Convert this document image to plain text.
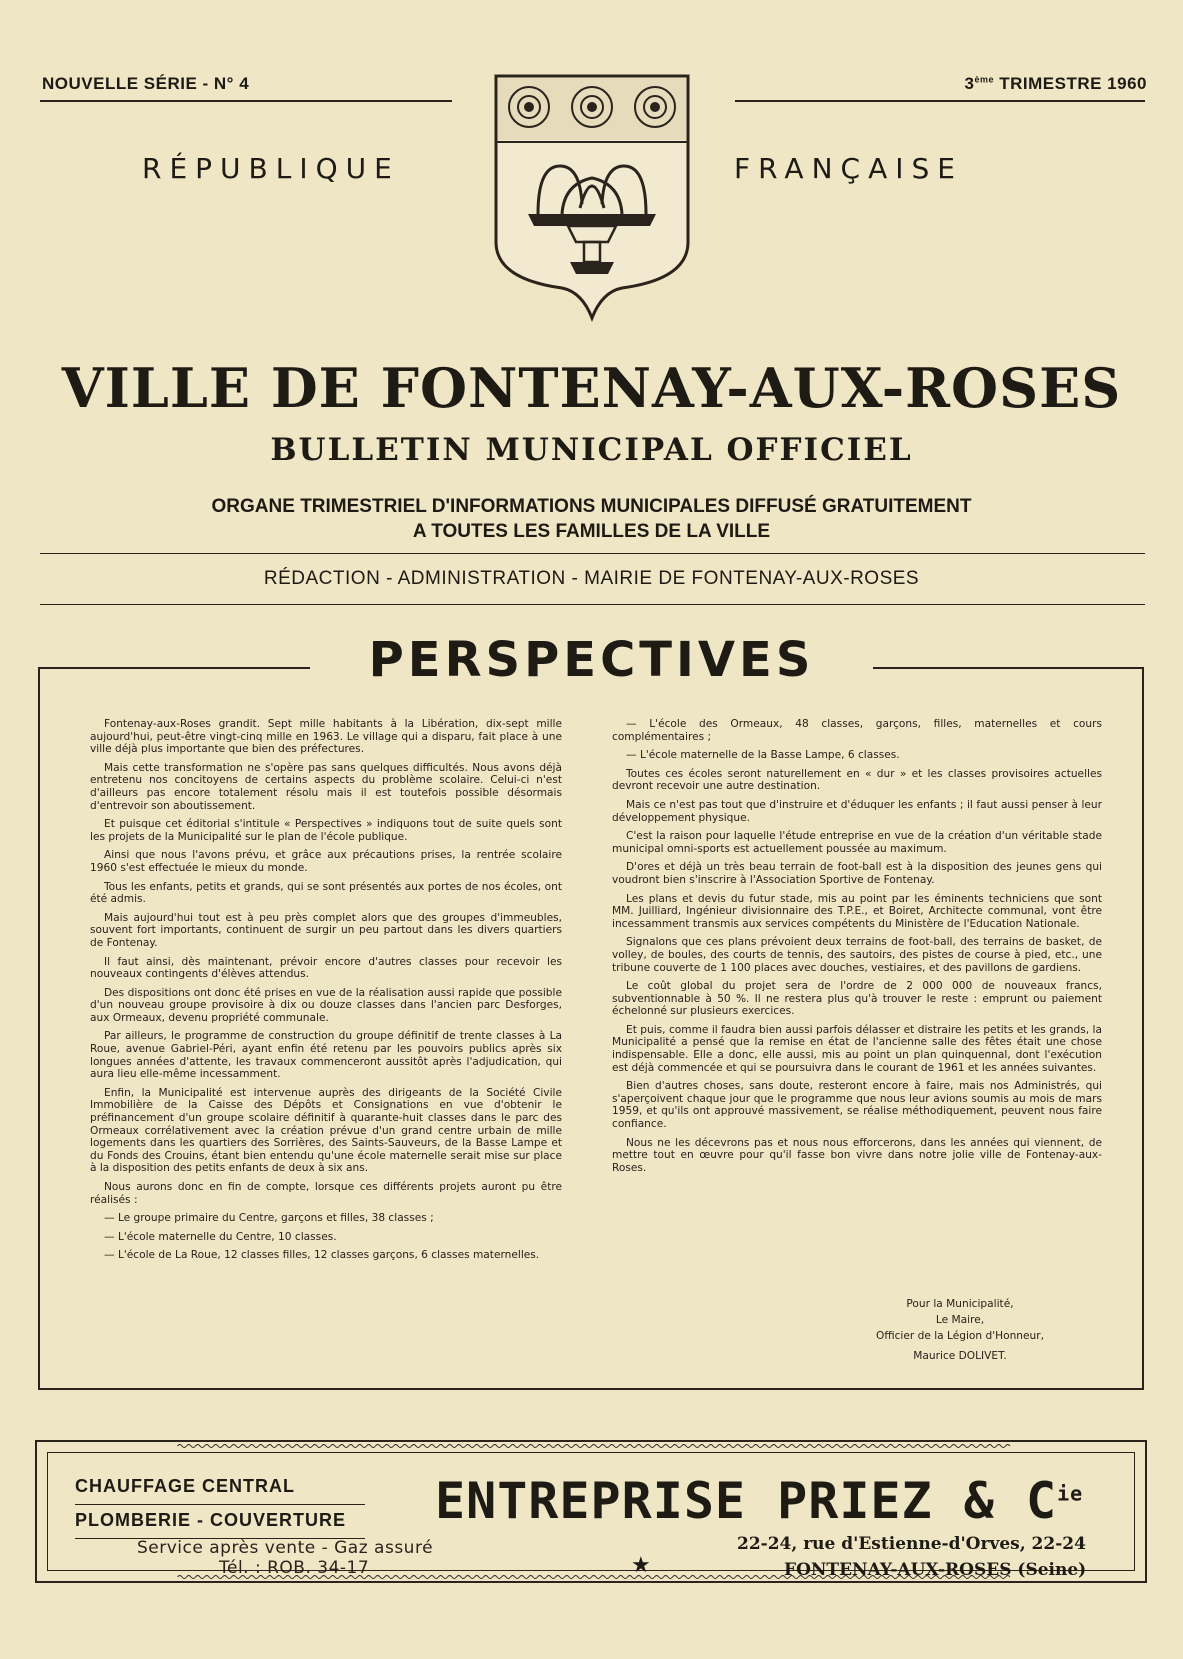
NOUVELLE SÉRIE - N° 4	3ème TRIMESTRE 1960
RÉPUBLIQUE	FRANÇAISE
VILLE DE FONTENAY-AUX-ROSES
BULLETIN MUNICIPAL OFFICIEL
ORGANE TRIMESTRIEL D'INFORMATIONS MUNICIPALES DIFFUSÉ GRATUITEMENT
A TOUTES LES FAMILLES DE LA VILLE
RÉDACTION - ADMINISTRATION - MAIRIE DE FONTENAY-AUX-ROSES
PERSPECTIVES

Fontenay-aux-Roses grandit. Sept mille habitants à la Libération, dix-sept mille aujourd'hui, peut-être vingt-cinq mille en 1963. Le village qui a disparu, fait place à une ville déjà plus importante que bien des préfectures.

Mais cette transformation ne s'opère pas sans quelques difficultés. Nous avons déjà entretenu nos concitoyens de certains aspects du problème scolaire. Celui-ci n'est d'ailleurs pas encore totalement résolu mais il est toutefois possible désormais d'entrevoir son aboutissement.

Et puisque cet éditorial s'intitule « Perspectives » indiquons tout de suite quels sont les projets de la Municipalité sur le plan de l'école publique.

Ainsi que nous l'avons prévu, et grâce aux précautions prises, la rentrée scolaire 1960 s'est effectuée le mieux du monde.

Tous les enfants, petits et grands, qui se sont présentés aux portes de nos écoles, ont été admis.

Mais aujourd'hui tout est à peu près complet alors que des groupes d'immeubles, souvent fort importants, continuent de surgir un peu partout dans les divers quartiers de Fontenay.

Il faut ainsi, dès maintenant, prévoir encore d'autres classes pour recevoir les nouveaux contingents d'élèves attendus.

Des dispositions ont donc été prises en vue de la réalisation aussi rapide que possible d'un nouveau groupe provisoire à dix ou douze classes dans l'ancien parc Desforges, aux Ormeaux, devenu propriété communale.

Par ailleurs, le programme de construction du groupe définitif de trente classes à La Roue, avenue Gabriel-Péri, ayant enfin été retenu par les pouvoirs publics après six longues années d'attente, les travaux commenceront aussitôt après l'adjudication, qui aura lieu elle-même incessamment.

Enfin, la Municipalité est intervenue auprès des dirigeants de la Société Civile Immobilière de la Caisse des Dépôts et Consignations en vue d'obtenir le préfinancement d'un groupe scolaire définitif à quarante-huit classes dans le parc des Ormeaux corrélativement avec la création prévue d'un grand centre urbain de mille logements dans les quartiers des Sorrières, des Saints-Sauveurs, de la Basse Lampe et du Fonds des Crouins, étant bien entendu qu'une école maternelle serait mise sur place à la disposition des petits enfants de deux à six ans.

Nous aurons donc en fin de compte, lorsque ces différents projets auront pu être réalisés :

— Le groupe primaire du Centre, garçons et filles, 38 classes ;

— L'école maternelle du Centre, 10 classes.

— L'école de La Roue, 12 classes filles, 12 classes garçons, 6 classes maternelles.

— L'école des Ormeaux, 48 classes, garçons, filles, maternelles et cours complémentaires ;

— L'école maternelle de la Basse Lampe, 6 classes.

Toutes ces écoles seront naturellement en « dur » et les classes provisoires actuelles devront recevoir une autre destination.

Mais ce n'est pas tout que d'instruire et d'éduquer les enfants ; il faut aussi penser à leur développement physique.

C'est la raison pour laquelle l'étude entreprise en vue de la création d'un véritable stade municipal omni-sports est actuellement poussée au maximum.

D'ores et déjà un très beau terrain de foot-ball est à la disposition des jeunes gens qui voudront bien s'inscrire à l'Association Sportive de Fontenay.

Les plans et devis du futur stade, mis au point par les éminents techniciens que sont MM. Juilliard, Ingénieur divisionnaire des T.P.E., et Boiret, Architecte communal, vont être incessamment transmis aux services compétents du Ministère de l'Education Nationale.

Signalons que ces plans prévoient deux terrains de foot-ball, des terrains de basket, de volley, de boules, des courts de tennis, des sautoirs, des pistes de course à pied, etc., une tribune couverte de 1 100 places avec douches, vestiaires, et des pavillons de gardiens.

Le coût global du projet sera de l'ordre de 2 000 000 de nouveaux francs, subventionnable à 50 %. Il ne restera plus qu'à trouver le reste : emprunt ou paiement échelonné sur plusieurs exercices.

Et puis, comme il faudra bien aussi parfois délasser et distraire les petits et les grands, la Municipalité a pensé que la remise en état de l'ancienne salle des fêtes était une chose indispensable. Elle a donc, elle aussi, mis au point un plan quinquennal, dont l'exécution est déjà commencée et qui se poursuivra dans le courant de 1961 et les années suivantes.

Bien d'autres choses, sans doute, resteront encore à faire, mais nos Administrés, qui s'aperçoivent chaque jour que le programme que nous leur avions soumis au mois de mars 1959, et qu'ils ont approuvé massivement, se réalise méthodiquement, peuvent nous faire confiance.

Nous ne les décevrons pas et nous nous efforcerons, dans les années qui viennent, de mettre tout en œuvre pour qu'il fasse bon vivre dans notre jolie ville de Fontenay-aux-Roses.

Pour la Municipalité,
Le Maire,
Officier de la Légion d'Honneur,
Maurice DOLIVET.
CHAUFFAGE CENTRAL
PLOMBERIE - COUVERTURE
Service après vente - Gaz assuré
Tél. : ROB. 34-17
ENTREPRISE PRIEZ & $C^{ie}$
★
22-24, rue d'Estienne-d'Orves, 22-24
FONTENAY-AUX-ROSES (Seine)
